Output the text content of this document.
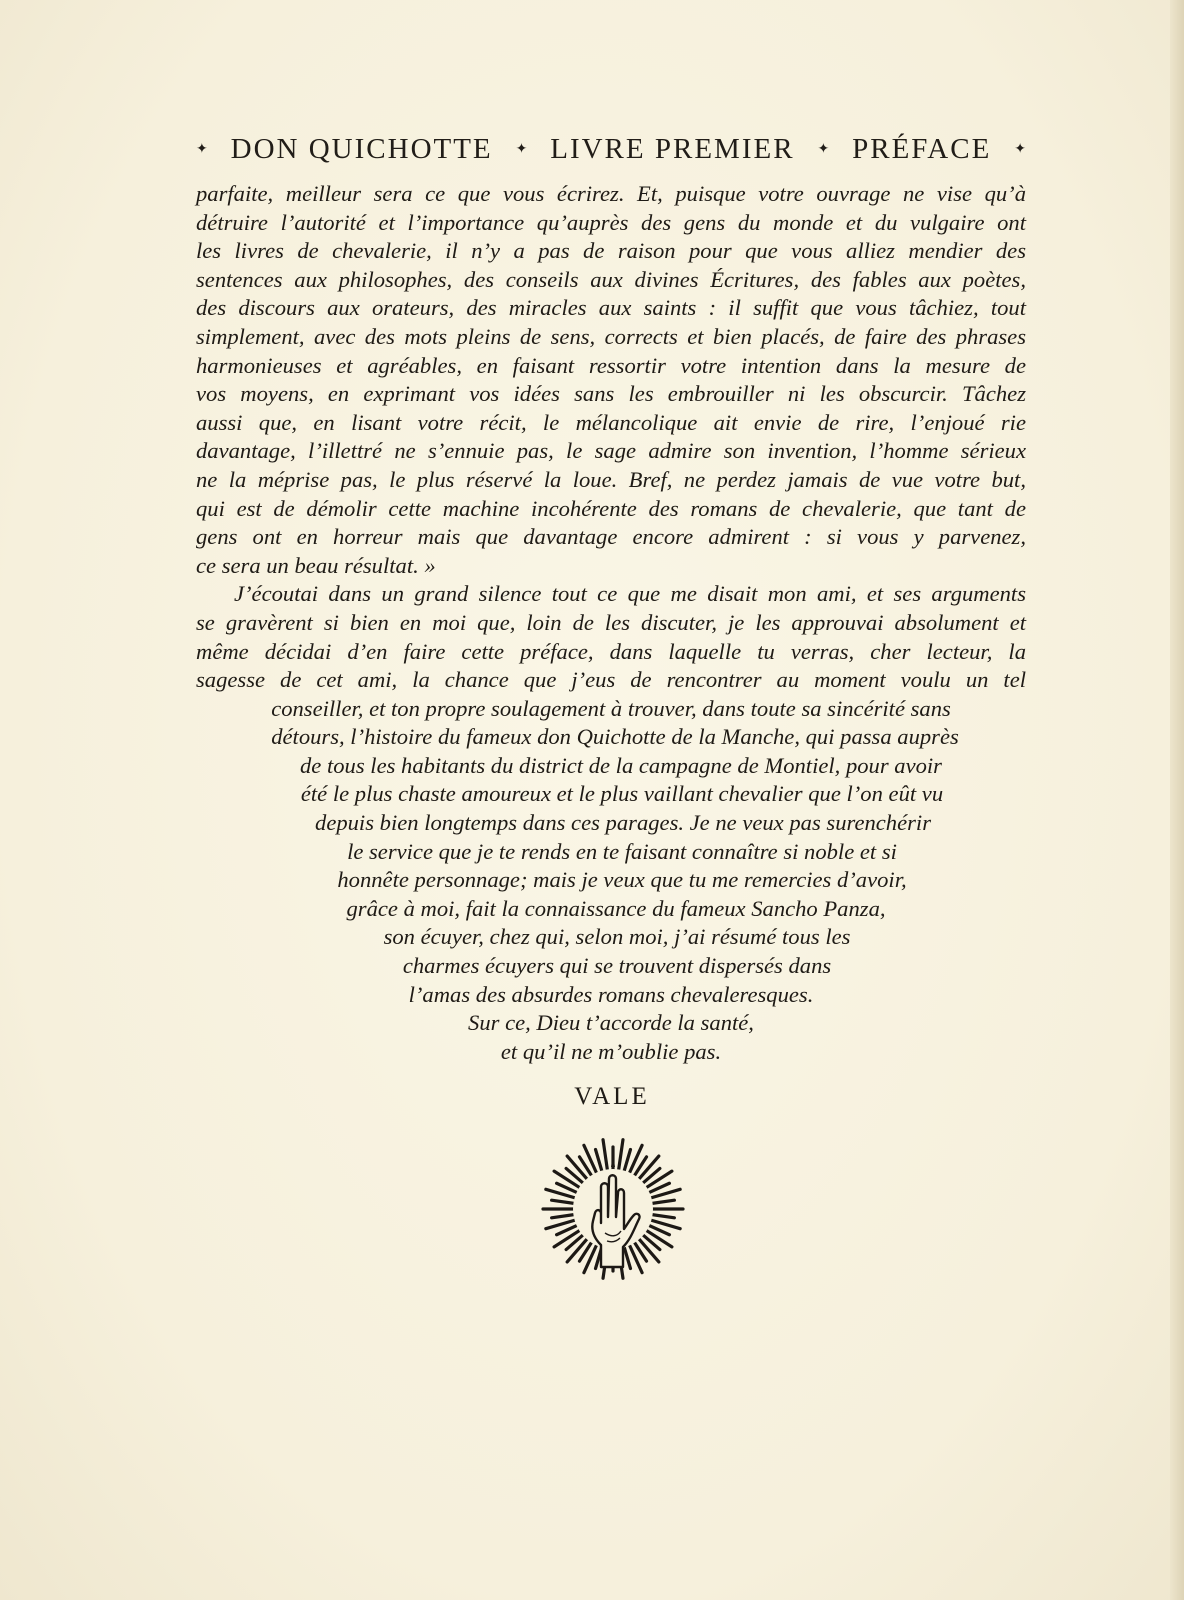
✦ DON QUICHOTTE ✦ LIVRE PREMIER ✦ PRÉFACE ✦
parfaite, meilleur sera ce que vous écrirez. Et, puisque votre ouvrage ne vise qu’à
détruire l’autorité et l’importance qu’auprès des gens du monde et du vulgaire ont
les livres de chevalerie, il n’y a pas de raison pour que vous alliez mendier des
sentences aux philosophes, des conseils aux divines Écritures, des fables aux poètes,
des discours aux orateurs, des miracles aux saints : il suffit que vous tâchiez, tout
simplement, avec des mots pleins de sens, corrects et bien placés, de faire des phrases
harmonieuses et agréables, en faisant ressortir votre intention dans la mesure de
vos moyens, en exprimant vos idées sans les embrouiller ni les obscurcir. Tâchez
aussi que, en lisant votre récit, le mélancolique ait envie de rire, l’enjoué rie
davantage, l’illettré ne s’ennuie pas, le sage admire son invention, l’homme sérieux
ne la méprise pas, le plus réservé la loue. Bref, ne perdez jamais de vue votre but,
qui est de démolir cette machine incohérente des romans de chevalerie, que tant de
gens ont en horreur mais que davantage encore admirent : si vous y parvenez,
ce sera un beau résultat. »
J’écoutai dans un grand silence tout ce que me disait mon ami, et ses arguments
se gravèrent si bien en moi que, loin de les discuter, je les approuvai absolument et
même décidai d’en faire cette préface, dans laquelle tu verras, cher lecteur, la
sagesse de cet ami, la chance que j’eus de rencontrer au moment voulu un tel
conseiller, et ton propre soulagement à trouver, dans toute sa sincérité sans
détours, l’histoire du fameux don Quichotte de la Manche, qui passa auprès
de tous les habitants du district de la campagne de Montiel, pour avoir
été le plus chaste amoureux et le plus vaillant chevalier que l’on eût vu
depuis bien longtemps dans ces parages. Je ne veux pas surenchérir
le service que je te rends en te faisant connaître si noble et si
honnête personnage; mais je veux que tu me remercies d’avoir,
grâce à moi, fait la connaissance du fameux Sancho Panza,
son écuyer, chez qui, selon moi, j’ai résumé tous les
charmes écuyers qui se trouvent dispersés dans
l’amas des absurdes romans chevaleresques.
Sur ce, Dieu t’accorde la santé,
et qu’il ne m’oublie pas.
VALE
